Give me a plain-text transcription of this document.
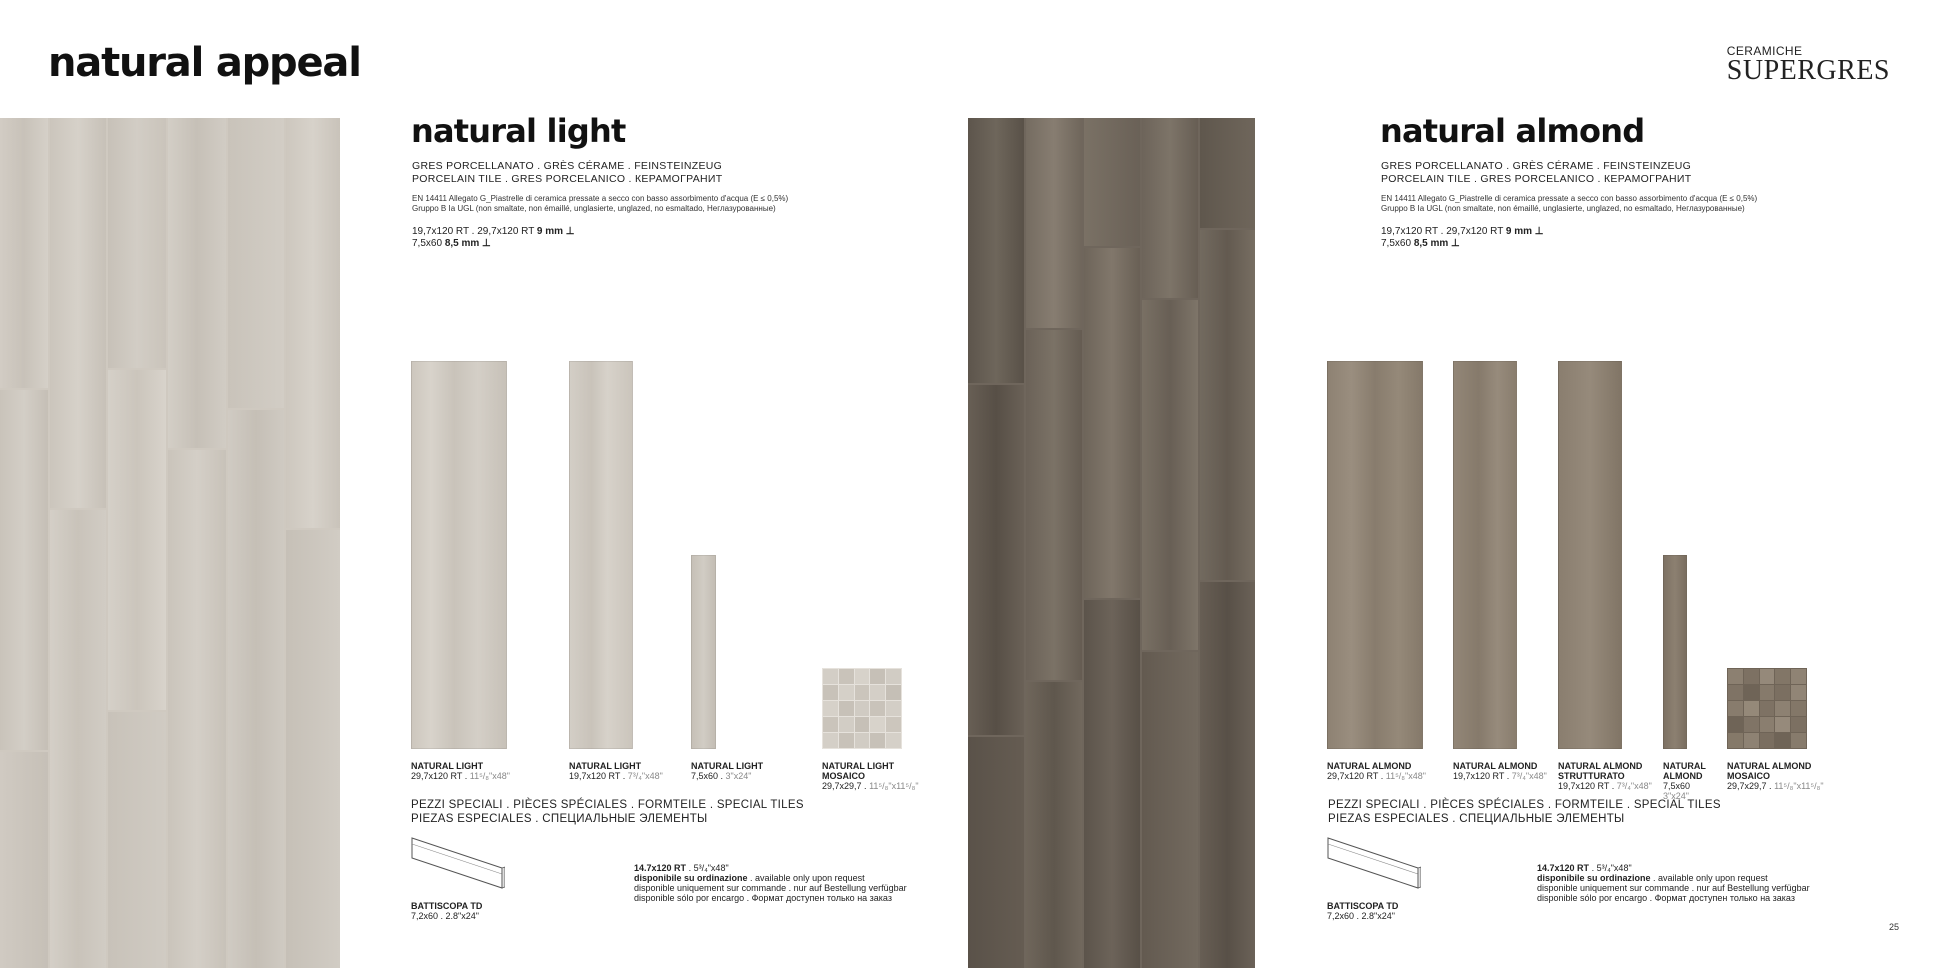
natural appeal	CERAMICHE
SUPERGRES
natural light
GRES PORCELLANATO . GRÈS CÉRAME . FEINSTEINZEUG
PORCELAIN TILE . GRES PORCELANICO . КЕРАМОГРАНИТ
EN 14411 Allegato G_Piastrelle di ceramica pressate a secco con basso assorbimento d'acqua (E ≤ 0,5%)
Gruppo B Ia UGL (non smaltate, non émaillé, unglasierte, unglazed, no esmaltado, Неглазурованные)
19,7x120 RT . 29,7x120 RT 9 mm ⊥
7,5x60 8,5 mm ⊥
NATURAL LIGHT
29,7x120 RT . 11⁵/₈"x48"
NATURAL LIGHT
19,7x120 RT . 7³/₄"x48"
NATURAL LIGHT
7,5x60 . 3"x24"
NATURAL LIGHT
MOSAICO
29,7x29,7 . 11⁵/₈"x11⁵/₈"
PEZZI SPECIALI . PIÈCES SPÉCIALES . FORMTEILE . SPECIAL TILES
PIEZAS ESPECIALES . СПЕЦИАЛЬНЫЕ ЭЛЕМЕНТЫ
BATTISCOPA TD
7,2x60 . 2.8"x24"
14.7x120 RT . 5³/₄"x48"
disponibile su ordinazione . available only upon request
disponible uniquement sur commande . nur auf Bestellung verfügbar
disponible sólo por encargo . Формат доступен только на заказ
natural almond
GRES PORCELLANATO . GRÈS CÉRAME . FEINSTEINZEUG
PORCELAIN TILE . GRES PORCELANICO . КЕРАМОГРАНИТ
EN 14411 Allegato G_Piastrelle di ceramica pressate a secco con basso assorbimento d'acqua (E ≤ 0,5%)
Gruppo B Ia UGL (non smaltate, non émaillé, unglasierte, unglazed, no esmaltado, Неглазурованные)
19,7x120 RT . 29,7x120 RT 9 mm ⊥
7,5x60 8,5 mm ⊥
NATURAL ALMOND
29,7x120 RT . 11⁵/₈"x48"
NATURAL ALMOND
19,7x120 RT . 7³/₄"x48"
NATURAL ALMOND
STRUTTURATO
19,7x120 RT . 7³/₄"x48"
NATURAL
ALMOND
7,5x60
3"x24"
NATURAL ALMOND
MOSAICO
29,7x29,7 . 11⁵/₈"x11⁵/₈"
PEZZI SPECIALI . PIÈCES SPÉCIALES . FORMTEILE . SPECIAL TILES
PIEZAS ESPECIALES . СПЕЦИАЛЬНЫЕ ЭЛЕМЕНТЫ
BATTISCOPA TD
7,2x60 . 2.8"x24"
14.7x120 RT . 5³/₄"x48"
disponibile su ordinazione . available only upon request
disponible uniquement sur commande . nur auf Bestellung verfügbar
disponible sólo por encargo . Формат доступен только на заказ
25
